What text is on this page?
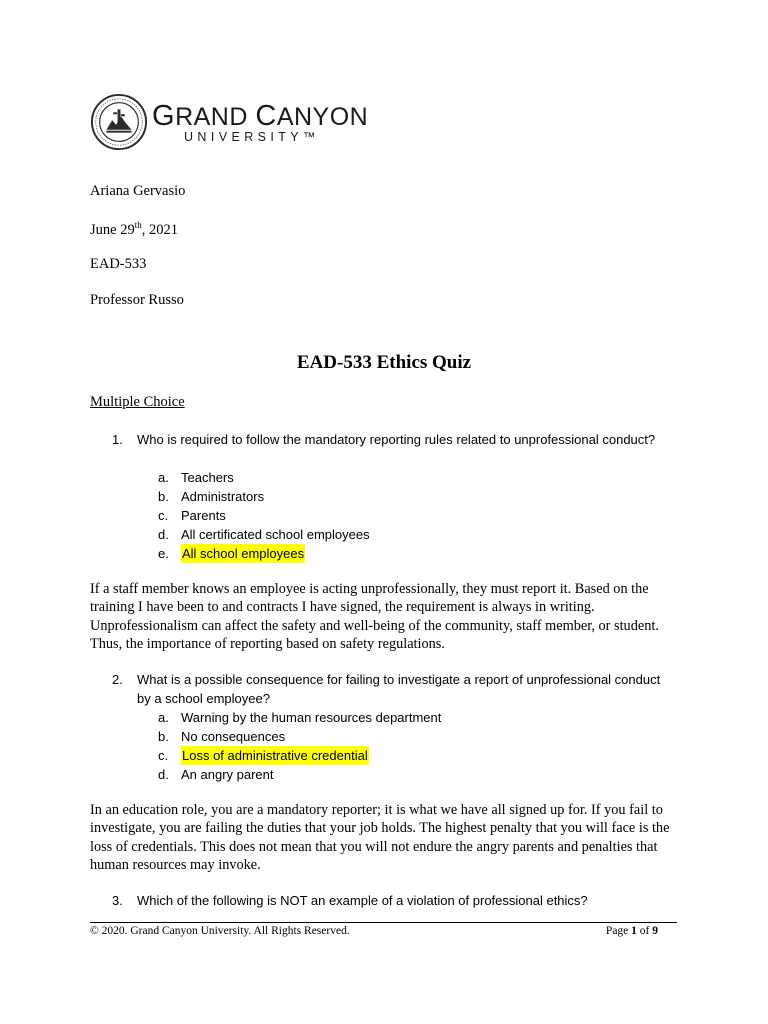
GRAND CANYON
UNIVERSITY™
Ariana Gervasio
June 29th, 2021
EAD-533
Professor Russo
EAD-533 Ethics Quiz
Multiple Choice
1. Who is required to follow the mandatory reporting rules related to unprofessional conduct?
a. Teachers
b. Administrators
c. Parents
d. All certificated school employees
e. All school employees
If a staff member knows an employee is acting unprofessionally, they must report it. Based on the training I have been to and contracts I have signed, the requirement is always in writing. Unprofessionalism can affect the safety and well-being of the community, staff member, or student. Thus, the importance of reporting based on safety regulations.
2. What is a possible consequence for failing to investigate a report of unprofessional conduct by a school employee?
a. Warning by the human resources department
b. No consequences
c. Loss of administrative credential
d. An angry parent
In an education role, you are a mandatory reporter; it is what we have all signed up for. If you fail to investigate, you are failing the duties that your job holds. The highest penalty that you will face is the loss of credentials. This does not mean that you will not endure the angry parents and penalties that human resources may invoke.
3. Which of the following is NOT an example of a violation of professional ethics?
© 2020. Grand Canyon University. All Rights Reserved.	Page 1 of 9
